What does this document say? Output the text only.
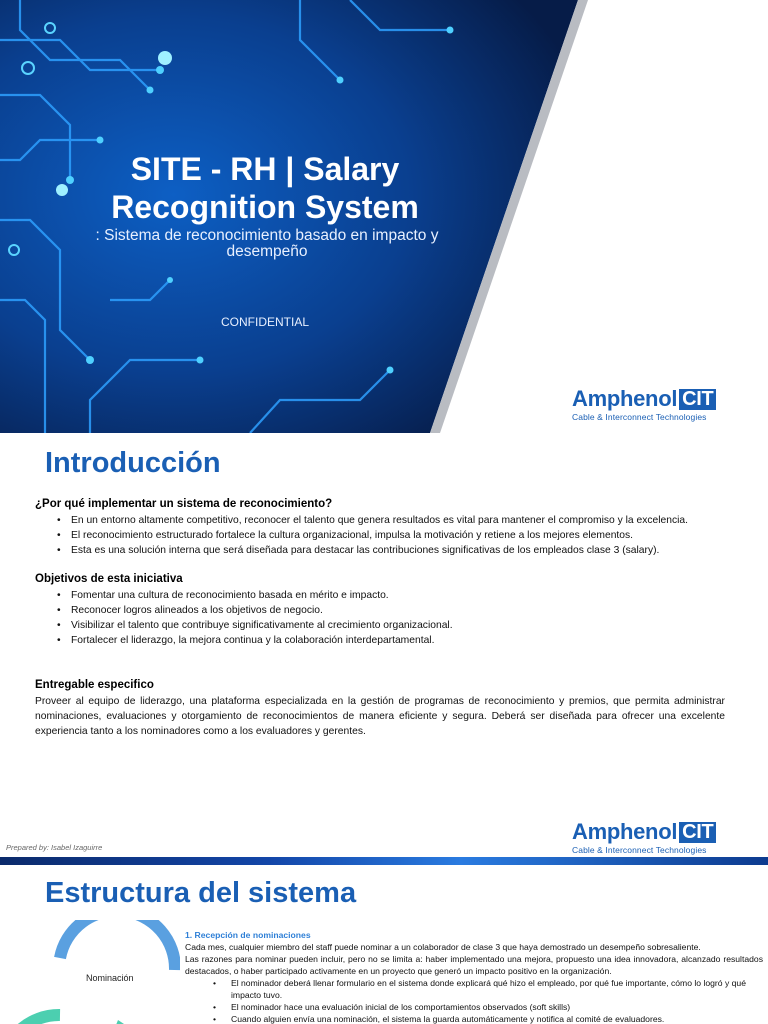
SITE - RH | Salary Recognition System
: Sistema de reconocimiento basado en impacto y desempeño
CONFIDENTIAL
Amphenol CIT
Cable & Interconnect Technologies
Introducción
¿Por qué implementar un sistema de reconocimiento?
• En un entorno altamente competitivo, reconocer el talento que genera resultados es vital para mantener el compromiso y la excelencia.
• El reconocimiento estructurado fortalece la cultura organizacional, impulsa la motivación y retiene a los mejores elementos.
• Esta es una solución interna que será diseñada para destacar las contribuciones significativas de los empleados clase 3 (salary).
Objetivos de esta iniciativa
• Fomentar una cultura de reconocimiento basada en mérito e impacto.
• Reconocer logros alineados a los objetivos de negocio.
• Visibilizar el talento que contribuye significativamente al crecimiento organizacional.
• Fortalecer el liderazgo, la mejora continua y la colaboración interdepartamental.
Entregable especifico

Proveer al equipo de liderazgo, una plataforma especializada en la gestión de programas de reconocimiento y premios, que permita administrar nominaciones, evaluaciones y otorgamiento de reconocimientos de manera eficiente y segura. Deberá ser diseñada para ofrecer una excelente experiencia tanto a los nominadores como a los evaluadores y gerentes.

Prepared by: Isabel Izaguirre
Amphenol CIT
Cable & Interconnect Technologies
Estructura del sistema
Nominación
1. Recepción de nominaciones

Cada mes, cualquier miembro del staff puede nominar a un colaborador de clase 3 que haya demostrado un desempeño sobresaliente.

Las razones para nominar pueden incluir, pero no se limita a: haber implementado una mejora, propuesto una idea innovadora, alcanzado resultados destacados, o haber participado activamente en un proyecto que generó un impacto positivo en la organización.

• El nominador deberá llenar formulario en el sistema donde explicará qué hizo el empleado, por qué fue importante, cómo lo logró y qué impacto tuvo.
• El nominador hace una evaluación inicial de los comportamientos observados (soft skills)
• Cuando alguien envía una nominación, el sistema la guarda automáticamente y notifica al comité de evaluadores.
